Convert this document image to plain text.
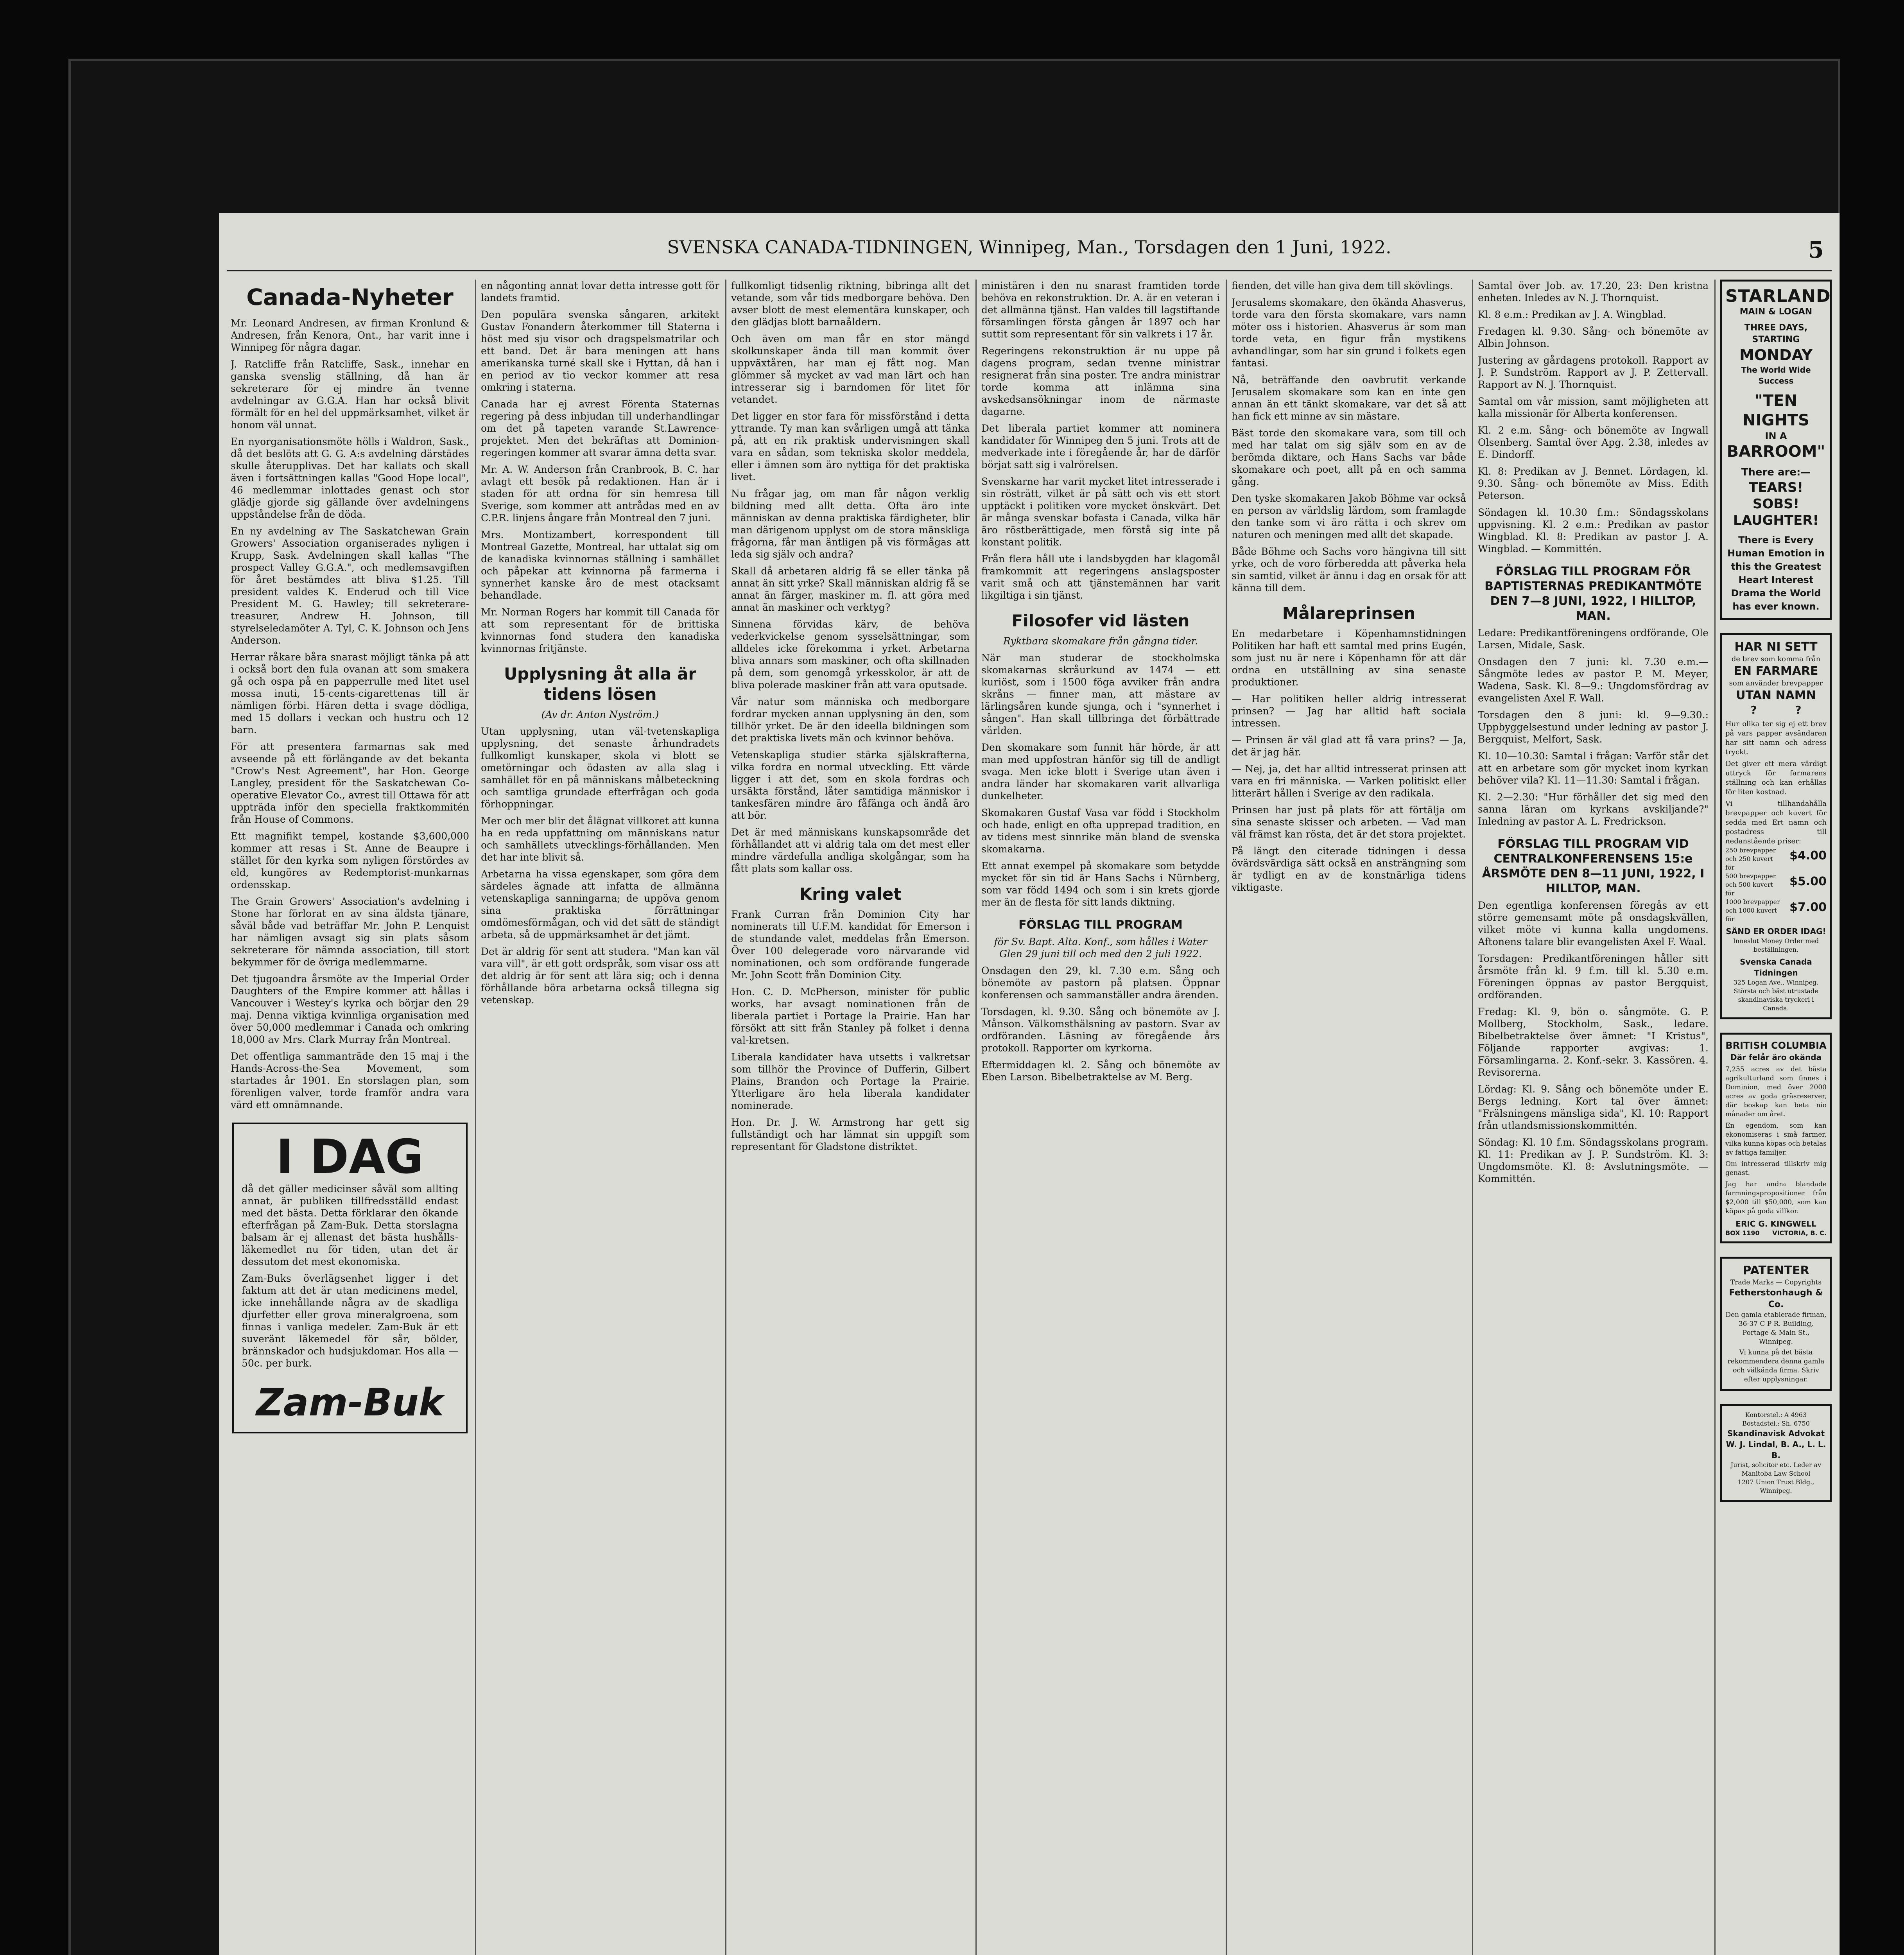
SVENSKA CANADA-TIDNINGEN, Winnipeg, Man., Torsdagen den 1 Juni, 1922.	5
Canada-Nyheter

Mr. Leonard Andresen, av firman Kronlund & Andresen, från Kenora, Ont., har varit inne i Winnipeg för några dagar.

J. Ratcliffe från Ratcliffe, Sask., innehar en ganska svenslig ställning, då han är sekreterare för ej mindre än tvenne avdelningar av G.G.A. Han har också blivit förmält för en hel del uppmärksamhet, vilket är honom väl unnat.

En nyorganisationsmöte hölls i Waldron, Sask., då det beslöts att G. G. A:s avdelning därstädes skulle återupplivas. Det har kallats och skall även i fortsättningen kallas "Good Hope local", 46 medlemmar inlottades genast och stor glädje gjorde sig gällande över avdelningens uppståndelse från de döda.

En ny avdelning av The Saskatchewan Grain Growers' Association organiserades nyligen i Krupp, Sask. Avdelningen skall kallas "The prospect Valley G.G.A.", och medlemsavgiften för året bestämdes att bliva $1.25. Till president valdes K. Enderud och till Vice President M. G. Hawley; till sekreterare-treasurer, Andrew H. Johnson, till styrelseledamöter A. Tyl, C. K. Johnson och Jens Anderson.

Herrar råkare båra snarast möjligt tänka på att i också bort den fula ovanan att som smakera gå och ospa på en papperrulle med litet usel mossa inuti, 15-cents-cigarettenas till är nämligen förbi. Hären detta i svage dödliga, med 15 dollars i veckan och hustru och 12 barn.

För att presentera farmarnas sak med avseende på ett förlängande av det bekanta "Crow's Nest Agreement", har Hon. George Langley, president för the Saskatchewan Co-operative Elevator Co., avrest till Ottawa för att uppträda inför den speciella fraktkommitén från House of Commons.

Ett magnifikt tempel, kostande $3,600,000 kommer att resas i St. Anne de Beaupre i stället för den kyrka som nyligen förstördes av eld, kungöres av Redemptorist-munkarnas ordensskap.

The Grain Growers' Association's avdelning i Stone har förlorat en av sina äldsta tjänare, såväl både vad beträffar Mr. John P. Lenquist har nämligen avsagt sig sin plats såsom sekreterare för nämnda association, till stort bekymmer för de övriga medlemmarne.

Det tjugoandra årsmöte av the Imperial Order Daughters of the Empire kommer att hållas i Vancouver i Westey's kyrka och börjar den 29 maj. Denna viktiga kvinnliga organisation med över 50,000 medlemmar i Canada och omkring 18,000 av Mrs. Clark Murray från Montreal.

Det offentliga sammanträde den 15 maj i the Hands-Across-the-Sea Movement, som startades år 1901. En storslagen plan, som förenligen valver, torde framför andra vara värd ett omnämnande.

I DAG

då det gäller medicinser såväl som allting annat, är publiken tillfredsställd endast med det bästa. Detta förklarar den ökande efterfrågan på Zam-Buk. Detta storslagna balsam är ej allenast det bästa hushålls-läkemedlet nu för tiden, utan det är dessutom det mest ekonomiska.

Zam-Buks överlägsenhet ligger i det faktum att det är utan medicinens medel, icke innehållande några av de skadliga djurfetter eller grova mineralgroena, som finnas i vanliga medeler. Zam-Buk är ett suveränt läkemedel för sår, bölder, brännskador och hudsjukdomar. Hos alla — 50c. per burk.

Zam-Buk

en någonting annat lovar detta intresse gott för landets framtid.

Den populära svenska sångaren, arkitekt Gustav Fonandern återkommer till Staterna i höst med sju visor och dragspelsmatrilar och ett band. Det är bara meningen att hans amerikanska turné skall ske i Hyttan, då han i en period av tio veckor kommer att resa omkring i staterna.

Canada har ej avrest Förenta Staternas regering på dess inbjudan till underhandlingar om det på tapeten varande St.Lawrence-projektet. Men det bekräftas att Dominion-regeringen kommer att svarar ämna detta svar.

Mr. A. W. Anderson från Cranbrook, B. C. har avlagt ett besök på redaktionen. Han är i staden för att ordna för sin hemresa till Sverige, som kommer att antrådas med en av C.P.R. linjens ångare från Montreal den 7 juni.

Mrs. Montizambert, korrespondent till Montreal Gazette, Montreal, har uttalat sig om de kanadiska kvinnornas ställning i samhället och påpekar att kvinnorna på farmerna i synnerhet kanske åro de mest otacksamt behandlade.

Mr. Norman Rogers har kommit till Canada för att som representant för de brittiska kvinnornas fond studera den kanadiska kvinnornas fritjänste.

Upplysning åt alla är tidens lösen
(Av dr. Anton Nyström.)

Utan upplysning, utan väl-tvetenskapliga upplysning, det senaste århundradets fullkomligt kunskaper, skola vi blott se ometörningar och ödasten av alla slag i samhället för en på människans målbeteckning och samtliga grundade efterfrågan och goda förhoppningar.

Mer och mer blir det ålägnat villkoret att kunna ha en reda uppfattning om människans natur och samhällets utvecklings-förhållanden. Men det har inte blivit så.

Arbetarna ha vissa egenskaper, som göra dem särdeles ägnade att infatta de allmänna vetenskapliga sanningarna; de uppöva genom sina praktiska förrättningar omdömesförmågan, och vid det sätt de ständigt arbeta, så de uppmärksamhet är det jämt.

Det är aldrig för sent att studera. "Man kan väl vara vill", är ett gott ordspråk, som visar oss att det aldrig är för sent att lära sig; och i denna förhållande böra arbetarna också tillegna sig vetenskap.

fullkomligt tidsenlig riktning, bibringa allt det vetande, som vår tids medborgare behöva. Den avser blott de mest elementära kunskaper, och den glädjas blott barnaåldern.

Och även om man får en stor mängd skolkunskaper ända till man kommit över uppväxtåren, har man ej fått nog. Man glömmer så mycket av vad man lärt och han intresserar sig i barndomen för litet för vetandet.

Det ligger en stor fara för missförstånd i detta yttrande. Ty man kan svårligen umgå att tänka på, att en rik praktisk undervisningen skall vara en sådan, som tekniska skolor meddela, eller i ämnen som äro nyttiga för det praktiska livet.

Nu frågar jag, om man får någon verklig bildning med allt detta. Ofta äro inte människan av denna praktiska färdigheter, blir man därigenom upplyst om de stora mänskliga frågorna, får man äntligen på vis förmågas att leda sig själv och andra?

Skall då arbetaren aldrig få se eller tänka på annat än sitt yrke? Skall människan aldrig få se annat än färger, maskiner m. fl. att göra med annat än maskiner och verktyg?

Sinnena förvidas kärv, de behöva vederkvickelse genom sysselsättningar, som alldeles icke förekomma i yrket. Arbetarna bliva annars som maskiner, och ofta skillnaden på dem, som genomgå yrkesskolor, är att de bliva polerade maskiner från att vara oputsade.

Vår natur som människa och medborgare fordrar mycken annan upplysning än den, som tillhör yrket. De är den ideella bildningen som det praktiska livets män och kvinnor behöva.

Vetenskapliga studier stärka själskrafterna, vilka fordra en normal utveckling. Ett värde ligger i att det, som en skola fordras och ursäkta förstånd, låter samtidiga människor i tankesfären mindre äro fåfänga och ändå äro att bör.

Det är med människans kunskapsområde det förhållandet att vi aldrig tala om det mest eller mindre värdefulla andliga skolgångar, som ha fått plats som kallar oss.

Kring valet

Frank Curran från Dominion City har nominerats till U.F.M. kandidat för Emerson i de stundande valet, meddelas från Emerson. Över 100 delegerade voro närvarande vid nominationen, och som ordförande fungerade Mr. John Scott från Dominion City.

Hon. C. D. McPherson, minister för public works, har avsagt nominationen från de liberala partiet i Portage la Prairie. Han har försökt att sitt från Stanley på folket i denna val-kretsen.

Liberala kandidater hava utsetts i valkretsar som tillhör the Province of Dufferin, Gilbert Plains, Brandon och Portage la Prairie. Ytterligare äro hela liberala kandidater nominerade.

Hon. Dr. J. W. Armstrong har gett sig fullständigt och har lämnat sin uppgift som representant för Gladstone distriktet.

ministären i den nu snarast framtiden torde behöva en rekonstruktion. Dr. A. är en veteran i det allmänna tjänst. Han valdes till lagstiftande församlingen första gången år 1897 och har suttit som representant för sin valkrets i 17 år.

Regeringens rekonstruktion är nu uppe på dagens program, sedan tvenne ministrar resignerat från sina poster. Tre andra ministrar torde komma att inlämna sina avskedsansökningar inom de närmaste dagarne.

Det liberala partiet kommer att nominera kandidater för Winnipeg den 5 juni. Trots att de medverkade inte i föregående år, har de därför börjat satt sig i valrörelsen.

Svenskarne har varit mycket litet intresserade i sin rösträtt, vilket är på sätt och vis ett stort upptäckt i politiken vore mycket önskvärt. Det är många svenskar bofasta i Canada, vilka här äro röstberättigade, men förstå sig inte på konstant politik.

Från flera håll ute i landsbygden har klagomål framkommit att regeringens anslagsposter varit små och att tjänstemännen har varit likgiltiga i sin tjänst.

Filosofer vid lästen
Ryktbara skomakare från gångna tider.

När man studerar de stockholmska skomakarnas skråurkund av 1474 — ett kuriöst, som i 1500 föga avviker från andra skråns — finner man, att mästare av lärlingsåren kunde sjunga, och i "synnerhet i sången". Han skall tillbringa det förbättrade världen.

Den skomakare som funnit här hörde, är att man med uppfostran hänför sig till de andligt svaga. Men icke blott i Sverige utan även i andra länder har skomakaren varit allvarliga dunkelheter.

Skomakaren Gustaf Vasa var född i Stockholm och hade, enligt en ofta upprepad tradition, en av tidens mest sinnrike män bland de svenska skomakarna.

Ett annat exempel på skomakare som betydde mycket för sin tid är Hans Sachs i Nürnberg, som var född 1494 och som i sin krets gjorde mer än de flesta för sitt lands diktning.

FÖRSLAG TILL PROGRAM
för Sv. Bapt. Alta. Konf., som hålles i Water Glen 29 juni till och med den 2 juli 1922.

Onsdagen den 29, kl. 7.30 e.m. Sång och bönemöte av pastorn på platsen. Öppnar konferensen och sammanställer andra ärenden.

Torsdagen, kl. 9.30. Sång och bönemöte av J. Månson. Välkomsthälsning av pastorn. Svar av ordföranden. Läsning av föregående års protokoll. Rapporter om kyrkorna.

Eftermiddagen kl. 2. Sång och bönemöte av Eben Larson. Bibelbetraktelse av M. Berg.

fienden, det ville han giva dem till skövlings.

Jerusalems skomakare, den ökända Ahasverus, torde vara den första skomakare, vars namn möter oss i historien. Ahasverus är som man torde veta, en figur från mystikens avhandlingar, som har sin grund i folkets egen fantasi.

Nå, beträffande den oavbrutit verkande Jerusalem skomakare som kan en inte gen annan än ett tänkt skomakare, var det så att han fick ett minne av sin mästare.

Bäst torde den skomakare vara, som till och med har talat om sig själv som en av de berömda diktare, och Hans Sachs var både skomakare och poet, allt på en och samma gång.

Den tyske skomakaren Jakob Böhme var också en person av världslig lärdom, som framlagde den tanke som vi äro rätta i och skrev om naturen och meningen med allt det skapade.

Både Böhme och Sachs voro hängivna till sitt yrke, och de voro förberedda att påverka hela sin samtid, vilket är ännu i dag en orsak för att känna till dem.

Målareprinsen

En medarbetare i Köpenhamnstidningen Politiken har haft ett samtal med prins Eugén, som just nu är nere i Köpenhamn för att där ordna en utställning av sina senaste produktioner.

— Har politiken heller aldrig intresserat prinsen? — Jag har alltid haft sociala intressen.

— Prinsen är väl glad att få vara prins? — Ja, det är jag här.

— Nej, ja, det har alltid intresserat prinsen att vara en fri människa. — Varken politiskt eller litterärt hållen i Sverige av den radikala.

Prinsen har just på plats för att förtälja om sina senaste skisser och arbeten. — Vad man väl främst kan rösta, det är det stora projektet.

På längt den citerade tidningen i dessa övärdsvärdiga sätt också en ansträngning som är tydligt en av de konstnärliga tidens viktigaste.

Samtal över Job. av. 17.20, 23: Den kristna enheten. Inledes av N. J. Thornquist.

Kl. 8 e.m.: Predikan av J. A. Wingblad.

Fredagen kl. 9.30. Sång- och bönemöte av Albin Johnson.

Justering av gårdagens protokoll. Rapport av J. P. Sundström. Rapport av J. P. Zettervall. Rapport av N. J. Thornquist.

Samtal om vår mission, samt möjligheten att kalla missionär för Alberta konferensen.

Kl. 2 e.m. Sång- och bönemöte av Ingwall Olsenberg. Samtal över Apg. 2.38, inledes av E. Dindorff.

Kl. 8: Predikan av J. Bennet. Lördagen, kl. 9.30. Sång- och bönemöte av Miss. Edith Peterson.

Söndagen kl. 10.30 f.m.: Söndagsskolans uppvisning. Kl. 2 e.m.: Predikan av pastor Wingblad. Kl. 8: Predikan av pastor J. A. Wingblad. — Kommittén.

FÖRSLAG TILL PROGRAM FÖR BAPTISTERNAS PREDIKANTMÖTE DEN 7—8 JUNI, 1922, I HILLTOP, MAN.

Ledare: Predikantföreningens ordförande, Ole Larsen, Midale, Sask.

Onsdagen den 7 juni: kl. 7.30 e.m.— Sångmöte ledes av pastor P. M. Meyer, Wadena, Sask. Kl. 8—9.: Ungdomsfördrag av evangelisten Axel F. Wall.

Torsdagen den 8 juni: kl. 9—9.30.: Uppbyggelsestund under ledning av pastor J. Bergquist, Melfort, Sask.

Kl. 10—10.30: Samtal i frågan: Varför står det att en arbetare som gör mycket inom kyrkan behöver vila? Kl. 11—11.30: Samtal i frågan.

Kl. 2—2.30: "Hur förhåller det sig med den sanna läran om kyrkans avskiljande?" Inledning av pastor A. L. Fredrickson.

FÖRSLAG TILL PROGRAM VID CENTRALKONFERENSENS 15:e ÅRSMÖTE DEN 8—11 JUNI, 1922, I HILLTOP, MAN.

Den egentliga konferensen föregås av ett större gemensamt möte på onsdagskvällen, vilket möte vi kunna kalla ungdomens. Aftonens talare blir evangelisten Axel F. Waal.

Torsdagen: Predikantföreningen håller sitt årsmöte från kl. 9 f.m. till kl. 5.30 e.m. Föreningen öppnas av pastor Bergquist, ordföranden.

Fredag: Kl. 9, bön o. sångmöte. G. P. Mollberg, Stockholm, Sask., ledare. Bibelbetraktelse över ämnet: "I Kristus", Följande rapporter avgivas: 1. Församlingarna. 2. Konf.-sekr. 3. Kassören. 4. Revisorerna.

Lördag: Kl. 9. Sång och bönemöte under E. Bergs ledning. Kort tal över ämnet: "Frälsningens mänsliga sida", Kl. 10: Rapport från utlandsmissionskommittén.

Söndag: Kl. 10 f.m. Söndagsskolans program. Kl. 11: Predikan av J. P. Sundström. Kl. 3: Ungdomsmöte. Kl. 8: Avslutningsmöte. — Kommittén.

STARLAND
MAIN & LOGAN
THREE DAYS, STARTING
MONDAY
The World Wide Success
"TEN NIGHTS
IN A
BARROOM"
There are:—
TEARS!
SOBS!
LAUGHTER!
There is Every Human Emotion in this the Greatest Heart Interest Drama the World has ever known.
HAR NI SETT
de brev som komma från
EN FARMARE
som använder brevpapper
UTAN NAMN
?          ?
Hur olika ter sig ej ett brev på vars papper avsändaren har sitt namn och adress tryckt.
Det giver ett mera värdigt uttryck för farmarens ställning och kan erhållas för liten kostnad.
Vi tillhandahålla brevpapper och kuvert för sedda med Ert namn och postadress till nedanstående priser:
250 brevpapper och 250 kuvert för
$4.00
500 brevpapper och 500 kuvert för
$5.00
1000 brevpapper och 1000 kuvert för
$7.00
SÄND ER ORDER IDAG!
Inneslut Money Order med beställningen.
Svenska Canada Tidningen
325 Logan Ave., Winnipeg.
Största och bäst utrustade skandinaviska tryckeri i Canada.
BRITISH COLUMBIA
Där felår äro okända
7,255 acres av det bästa agrikulturland som finnes i Dominion, med över 2000 acres av goda gräsreserver, där boskap kan beta nio månader om året.
En egendom, som kan ekonomiseras i små farmer, vilka kunna köpas och betalas av fattiga familjer.
Om intresserad tillskriv mig genast.
Jag har andra blandade farmningspropositioner från $2,000 till $50,000, som kan köpas på goda villkor.
ERIC G. KINGWELL
BOX 1190 VICTORIA, B. C.
PATENTER
Trade Marks — Copyrights
Fetherstonhaugh & Co.
Den gamla etablerade firman, 36-37 C P R. Building, Portage & Main St., Winnipeg.
Vi kunna på det bästa rekommendera denna gamla och välkända firma. Skriv efter upplysningar.
Kontorstel.: A 4963
Bostadstel.: Sh. 6750
Skandinavisk Advokat
W. J. Lindal, B. A., L. L. B.
Jurist, solicitor etc. Leder av Manitoba Law School
1207 Union Trust Bldg., Winnipeg.
